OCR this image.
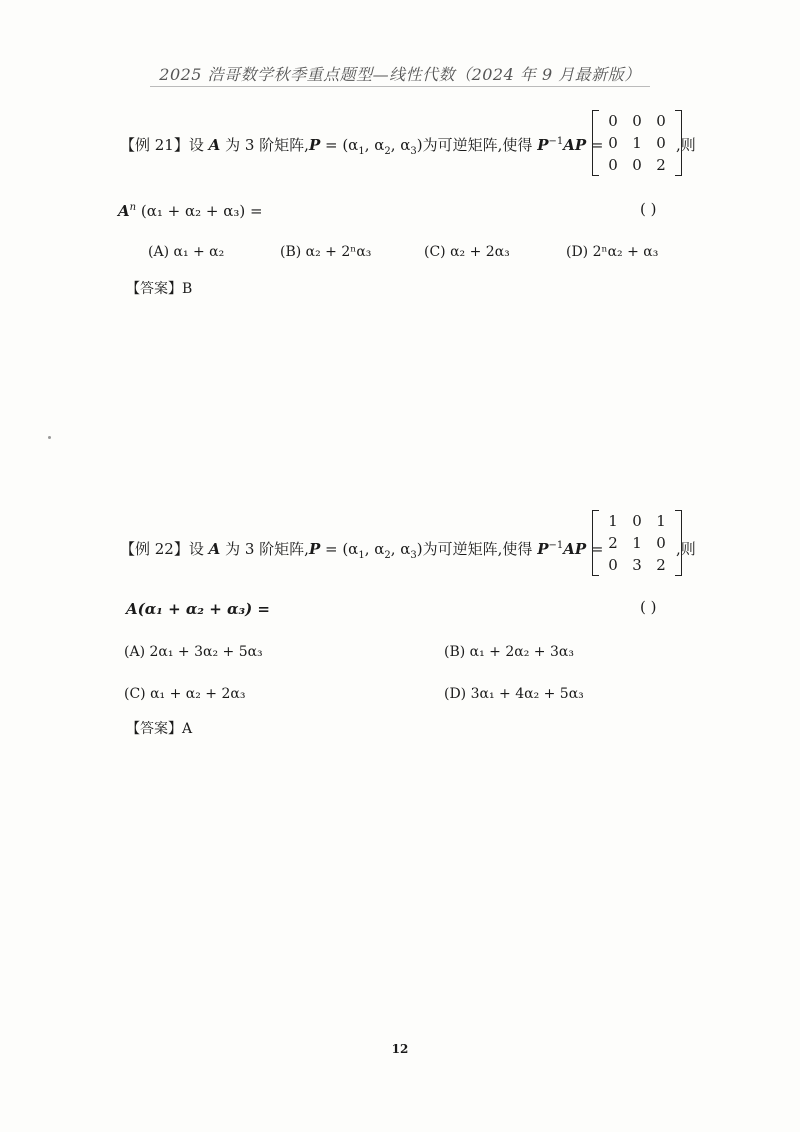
2025 浩哥数学秋季重点题型—线性代数（2024 年 9 月最新版）
【例 21】设 A 为 3 阶矩阵$,P = (\alpha_1$, $\alpha_2$, $\alpha_3$)为可逆矩阵,使得 $P^{-1}AP$ =
0 0 0
0 1 0
0 0 2
,则
$A^n$ (α₁ + α₂ + α₃) =	( )
(A) α₁ + α₂	(B) α₂ + 2ⁿα₃	(C) α₂ + 2α₃	(D) 2ⁿα₂ + α₃
【答案】B
【例 22】设 A 为 3 阶矩阵$,P = (\alpha_1$, $\alpha_2$, $\alpha_3$)为可逆矩阵,使得 $P^{-1}AP$ =
1 0 1
2 1 0
0 3 2
,则
A(α₁ + α₂ + α₃) =	( )
(A) 2α₁ + 3α₂ + 5α₃	(B) α₁ + 2α₂ + 3α₃
(C) α₁ + α₂ + 2α₃	(D) 3α₁ + 4α₂ + 5α₃
【答案】A
12
